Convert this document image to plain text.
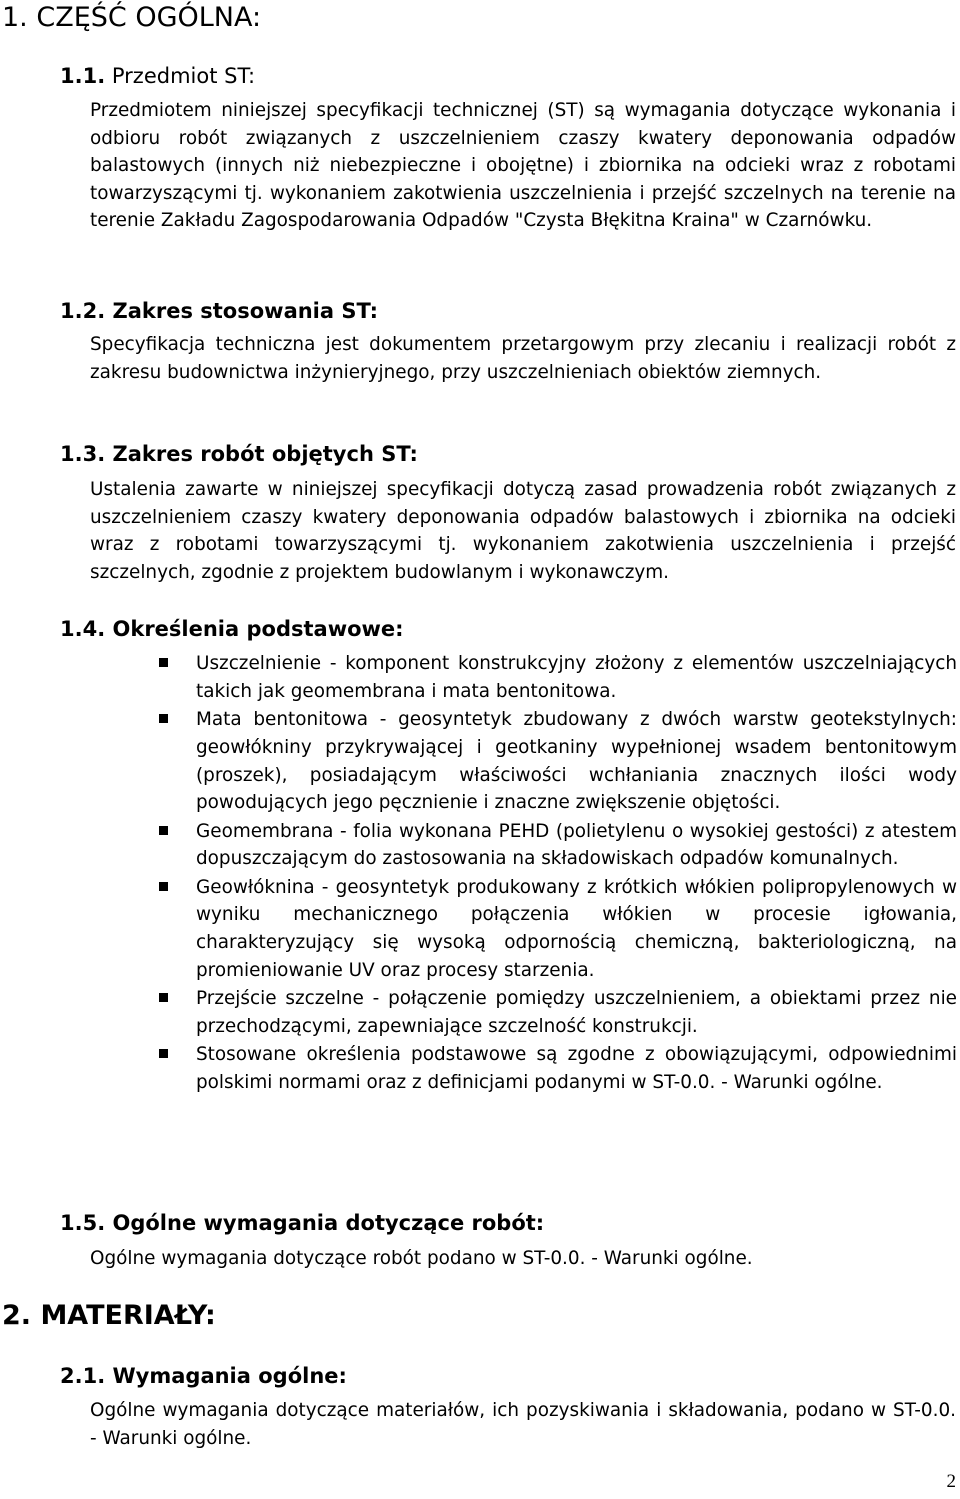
1. CZĘŚĆ OGÓLNA:
1.1. Przedmiot ST:
Przedmiotem niniejszej specyfikacji technicznej (ST) są wymagania dotyczące wykonania i odbioru robót związanych z uszczelnieniem czaszy kwatery deponowania odpadów balastowych (innych niż niebezpieczne i obojętne) i zbiornika na odcieki wraz z robotami towarzyszącymi tj. wykonaniem zakotwienia uszczelnienia i przejść szczelnych na terenie na terenie Zakładu Zagospodarowania Odpadów "Czysta Błękitna Kraina" w Czarnówku.
1.2. Zakres stosowania ST:
Specyfikacja techniczna jest dokumentem przetargowym przy zlecaniu i realizacji robót z zakresu budownictwa inżynieryjnego, przy uszczelnieniach obiektów ziemnych.
1.3. Zakres robót objętych ST:
Ustalenia zawarte w niniejszej specyfikacji dotyczą zasad prowadzenia robót związanych z uszczelnieniem czaszy kwatery deponowania odpadów balastowych i zbiornika na odcieki wraz z robotami towarzyszącymi tj. wykonaniem zakotwienia uszczelnienia i przejść szczelnych, zgodnie z projektem budowlanym i wykonawczym.
1.4. Określenia podstawowe:
Uszczelnienie - komponent konstrukcyjny złożony z elementów uszczelniających takich jak geomembrana i mata bentonitowa.
Mata bentonitowa - geosyntetyk zbudowany z dwóch warstw geotekstylnych: geowłókniny przykrywającej i geotkaniny wypełnionej wsadem bentonitowym (proszek), posiadającym właściwości wchłaniania znacznych ilości wody powodujących jego pęcznienie i znaczne zwiększenie objętości.
Geomembrana - folia wykonana PEHD (polietylenu o wysokiej gestości) z atestem dopuszczającym do zastosowania na składowiskach odpadów komunalnych.
Geowłóknina - geosyntetyk produkowany z krótkich włókien polipropylenowych w wyniku mechanicznego połączenia włókien w procesie igłowania, charakteryzujący się wysoką odpornością chemiczną, bakteriologiczną, na promieniowanie UV oraz procesy starzenia.
Przejście szczelne - połączenie pomiędzy uszczelnieniem, a obiektami przez nie przechodzącymi, zapewniające szczelność konstrukcji.
Stosowane określenia podstawowe są zgodne z obowiązującymi, odpowiednimi polskimi normami oraz z definicjami podanymi w ST-0.0. - Warunki ogólne.
1.5. Ogólne wymagania dotyczące robót:
Ogólne wymagania dotyczące robót podano w ST-0.0. - Warunki ogólne.
2. MATERIAŁY:
2.1. Wymagania ogólne:
Ogólne wymagania dotyczące materiałów, ich pozyskiwania i składowania, podano w ST-0.0. - Warunki ogólne.
2
